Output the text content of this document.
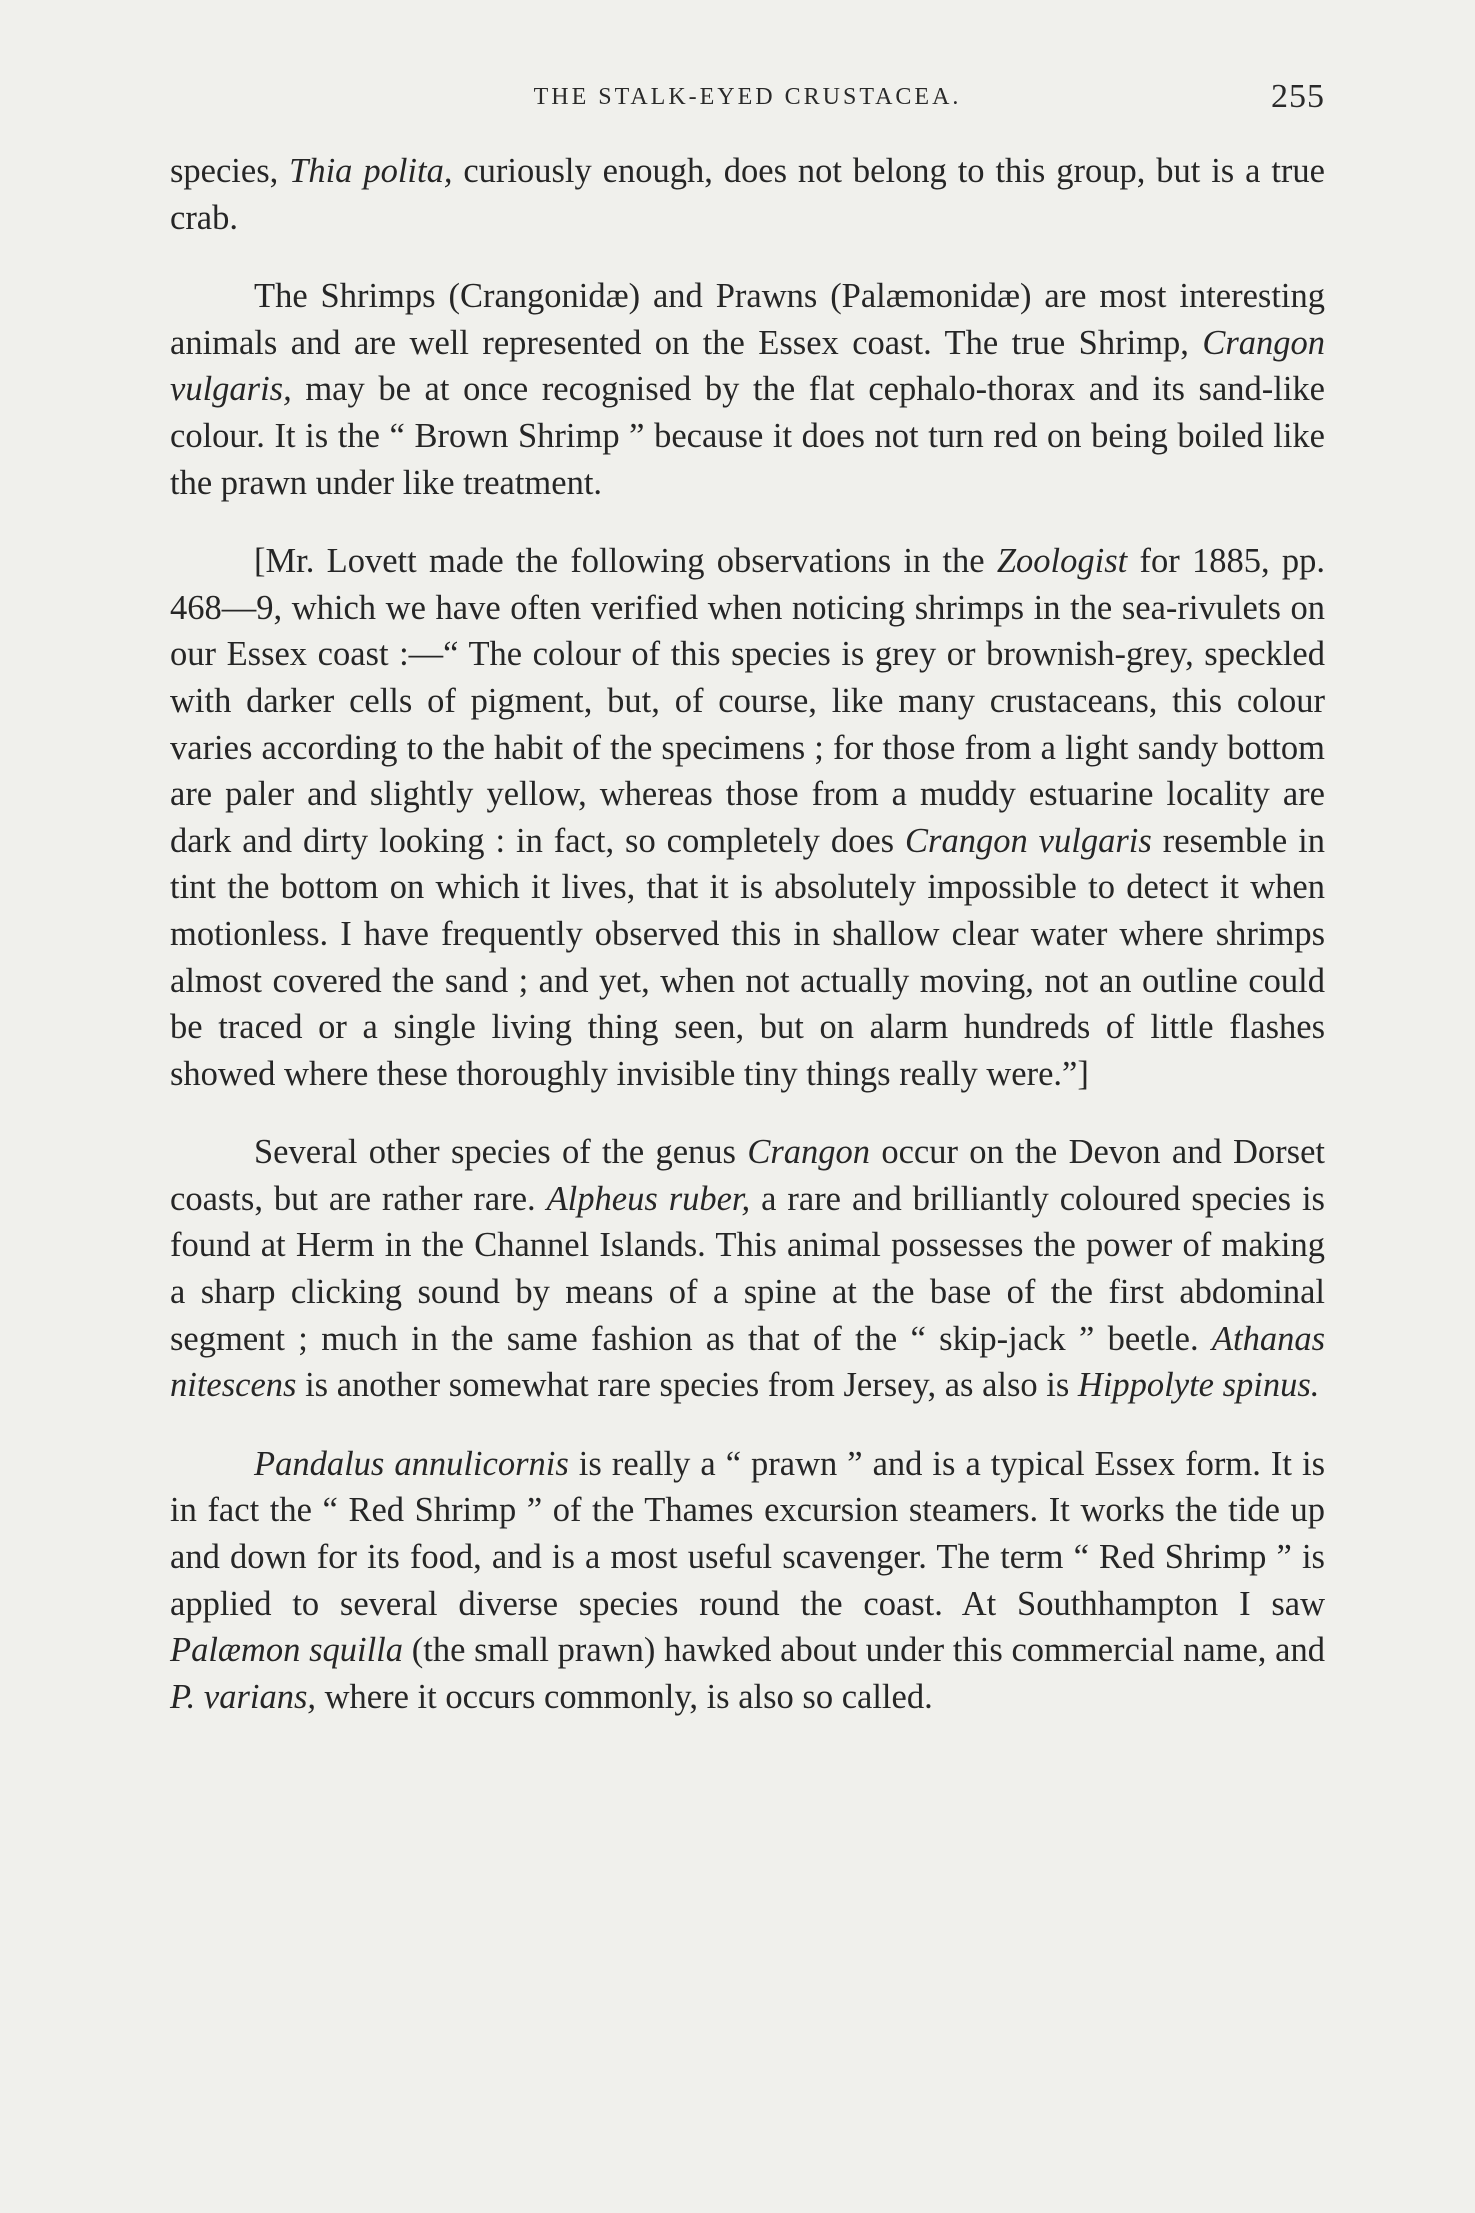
THE STALK-EYED CRUSTACEA.	255

species, Thia polita, curiously enough, does not belong to this group, but is a true crab.

The Shrimps (Crangonidæ) and Prawns (Palæmonidæ) are most interesting animals and are well represented on the Essex coast. The true Shrimp, Crangon vulgaris, may be at once recognised by the flat cephalo-thorax and its sand-like colour. It is the “ Brown Shrimp ” because it does not turn red on being boiled like the prawn under like treatment.

[Mr. Lovett made the following observations in the Zoologist for 1885, pp. 468—9, which we have often verified when noticing shrimps in the sea-rivulets on our Essex coast :—“ The colour of this species is grey or brownish-grey, speckled with darker cells of pigment, but, of course, like many crustaceans, this colour varies according to the habit of the specimens ; for those from a light sandy bottom are paler and slightly yellow, whereas those from a muddy estuarine locality are dark and dirty looking : in fact, so completely does Crangon vulgaris resemble in tint the bottom on which it lives, that it is absolutely impossible to detect it when motionless. I have frequently observed this in shallow clear water where shrimps almost covered the sand ; and yet, when not actually moving, not an outline could be traced or a single living thing seen, but on alarm hundreds of little flashes showed where these thoroughly invisible tiny things really were.”]

Several other species of the genus Crangon occur on the Devon and Dorset coasts, but are rather rare. Alpheus ruber, a rare and brilliantly coloured species is found at Herm in the Channel Islands. This animal possesses the power of making a sharp clicking sound by means of a spine at the base of the first abdominal segment ; much in the same fashion as that of the “ skip-jack ” beetle. Athanas nitescens is another somewhat rare species from Jersey, as also is Hippolyte spinus.

Pandalus annulicornis is really a “ prawn ” and is a typical Essex form. It is in fact the “ Red Shrimp ” of the Thames excursion steamers. It works the tide up and down for its food, and is a most useful scavenger. The term “ Red Shrimp ” is applied to several diverse species round the coast. At Southhampton I saw Palæmon squilla (the small prawn) hawked about under this commercial name, and P. varians, where it occurs commonly, is also so called.
